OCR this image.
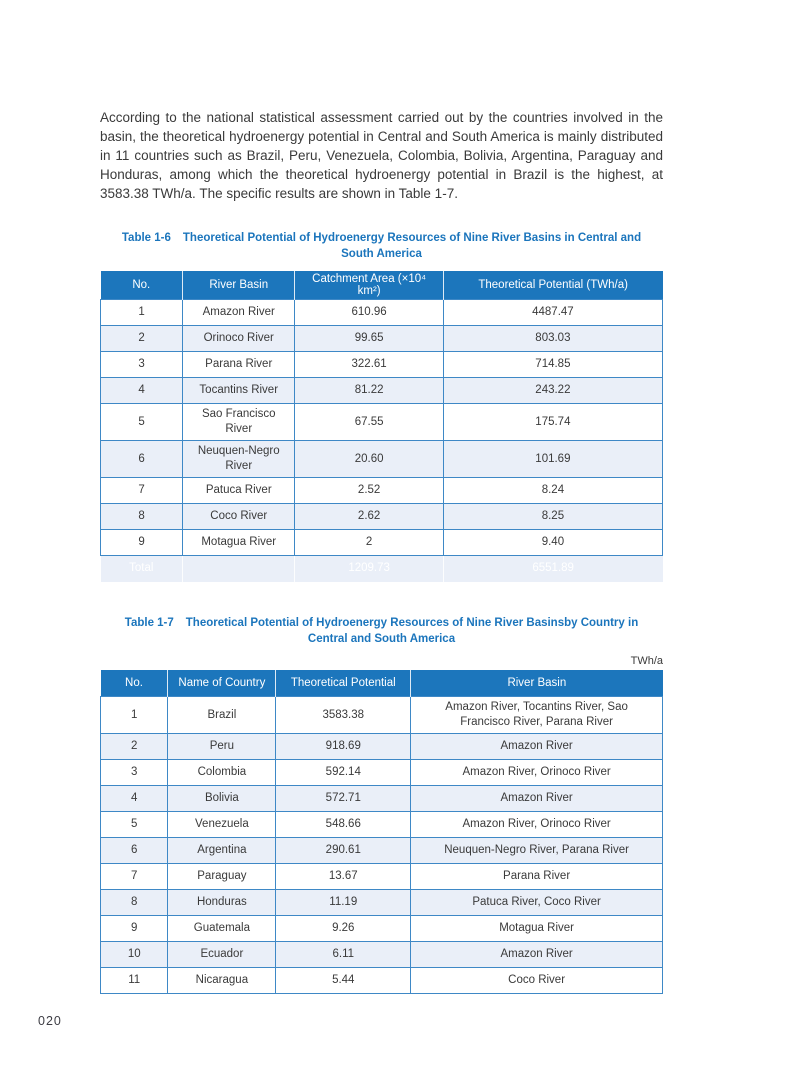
According to the national statistical assessment carried out by the countries involved in the basin, the theoretical hydroenergy potential in Central and South America is mainly distributed in 11 countries such as Brazil, Peru, Venezuela, Colombia, Bolivia, Argentina, Paraguay and Honduras, among which the theoretical hydroenergy potential in Brazil is the highest, at 3583.38 TWh/a. The specific results are shown in Table 1-7.

Table 1-6 Theoretical Potential of Hydroenergy Resources of Nine River Basins in Central and South America
No.	River Basin	Catchment Area (×10⁴ km²)	Theoretical Potential (TWh/a)
1	Amazon River	610.96	4487.47
2	Orinoco River	99.65	803.03
3	Parana River	322.61	714.85
4	Tocantins River	81.22	243.22
5	Sao Francisco River	67.55	175.74
6	Neuquen-Negro River	20.60	101.69
7	Patuca River	2.52	8.24
8	Coco River	2.62	8.25
9	Motagua River	2	9.40
Total		1209.73	6551.89
Table 1-7 Theoretical Potential of Hydroenergy Resources of Nine River Basinsby Country in Central and South America
TWh/a
No.	Name of Country	Theoretical Potential	River Basin
1	Brazil	3583.38	Amazon River, Tocantins River, Sao Francisco River, Parana River
2	Peru	918.69	Amazon River
3	Colombia	592.14	Amazon River, Orinoco River
4	Bolivia	572.71	Amazon River
5	Venezuela	548.66	Amazon River, Orinoco River
6	Argentina	290.61	Neuquen-Negro River, Parana River
7	Paraguay	13.67	Parana River
8	Honduras	11.19	Patuca River, Coco River
9	Guatemala	9.26	Motagua River
10	Ecuador	6.11	Amazon River
11	Nicaragua	5.44	Coco River
020
